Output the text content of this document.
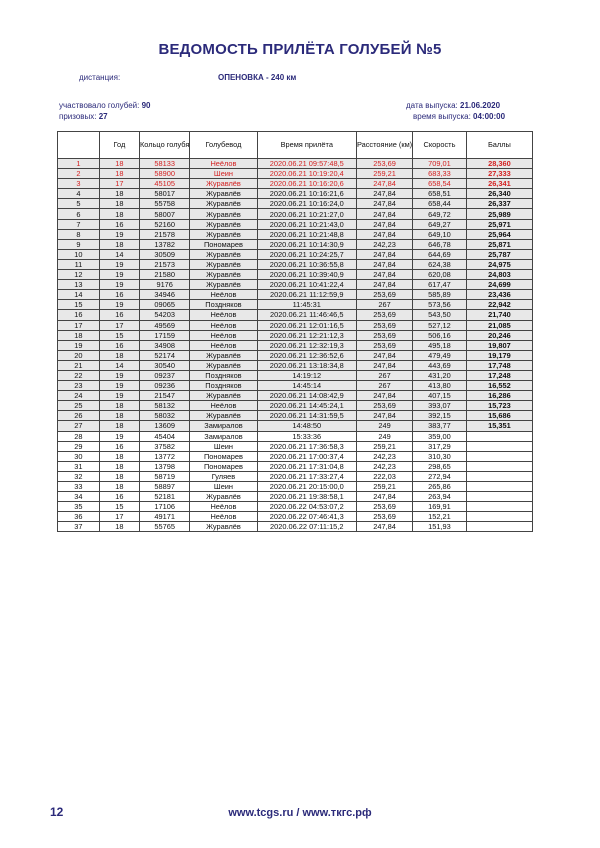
ВЕДОМОСТЬ ПРИЛЁТА ГОЛУБЕЙ №5
дистанция:	ОПЕНОВКА - 240 км
участвовало голубей: 90
призовых: 27
дата выпуска: 21.06.2020
время выпуска: 04:00:00
	Год	Кольцо голубя	Голубевод	Время прилёта	Расстояние (км)	Скорость	Баллы
1	18	58133	Неёлов	2020.06.21 09:57:48,5	253,69	709,01	28,360
2	18	58900	Шеин	2020.06.21 10:19:20,4	259,21	683,33	27,333
3	17	45105	Журавлёв	2020.06.21 10:16:20,6	247,84	658,54	26,341
4	18	58017	Журавлёв	2020.06.21 10:16:21,6	247,84	658,51	26,340
5	18	55758	Журавлёв	2020.06.21 10:16:24,0	247,84	658,44	26,337
6	18	58007	Журавлёв	2020.06.21 10:21:27,0	247,84	649,72	25,989
7	16	52160	Журавлёв	2020.06.21 10:21:43,0	247,84	649,27	25,971
8	19	21578	Журавлёв	2020.06.21 10:21:48,8	247,84	649,10	25,964
9	18	13782	Пономарев	2020.06.21 10:14:30,9	242,23	646,78	25,871
10	14	30509	Журавлёв	2020.06.21 10:24:25,7	247,84	644,69	25,787
11	19	21573	Журавлёв	2020.06.21 10:36:55,8	247,84	624,38	24,975
12	19	21580	Журавлёв	2020.06.21 10:39:40,9	247,84	620,08	24,803
13	19	9176	Журавлёв	2020.06.21 10:41:22,4	247,84	617,47	24,699
14	16	34946	Неёлов	2020.06.21 11:12:59,9	253,69	585,89	23,436
15	19	09065	Поздняков	11:45:31	267	573,56	22,942
16	16	54203	Неёлов	2020.06.21 11:46:46,5	253,69	543,50	21,740
17	17	49569	Неёлов	2020.06.21 12:01:16,5	253,69	527,12	21,085
18	15	17159	Неёлов	2020.06.21 12:21:12,3	253,69	506,16	20,246
19	16	34908	Неёлов	2020.06.21 12:32:19,3	253,69	495,18	19,807
20	18	52174	Журавлёв	2020.06.21 12:36:52,6	247,84	479,49	19,179
21	14	30540	Журавлёв	2020.06.21 13:18:34,8	247,84	443,69	17,748
22	19	09237	Поздняков	14:19:12	267	431,20	17,248
23	19	09236	Поздняков	14:45:14	267	413,80	16,552
24	19	21547	Журавлёв	2020.06.21 14:08:42,9	247,84	407,15	16,286
25	18	58132	Неёлов	2020.06.21 14:45:24,1	253,69	393,07	15,723
26	18	58032	Журавлёв	2020.06.21 14:31:59,5	247,84	392,15	15,686
27	18	13609	Замиралов	14:48:50	249	383,77	15,351
28	19	45404	Замиралов	15:33:36	249	359,00	
29	16	37582	Шеин	2020.06.21 17:36:58,3	259,21	317,29	
30	18	13772	Пономарев	2020.06.21 17:00:37,4	242,23	310,30	
31	18	13798	Пономарев	2020.06.21 17:31:04,8	242,23	298,65	
32	18	58719	Гуляев	2020.06.21 17:33:27,4	222,03	272,94	
33	18	58897	Шеин	2020.06.21 20:15:00,0	259,21	265,86	
34	16	52181	Журавлёв	2020.06.21 19:38:58,1	247,84	263,94	
35	15	17106	Неёлов	2020.06.22 04:53:07,2	253,69	169,91	
36	17	49171	Неёлов	2020.06.22 07:46:41,3	253,69	152,21	
37	18	55765	Журавлёв	2020.06.22 07:11:15,2	247,84	151,93	
12	www.tcgs.ru / www.ткгс.рф
